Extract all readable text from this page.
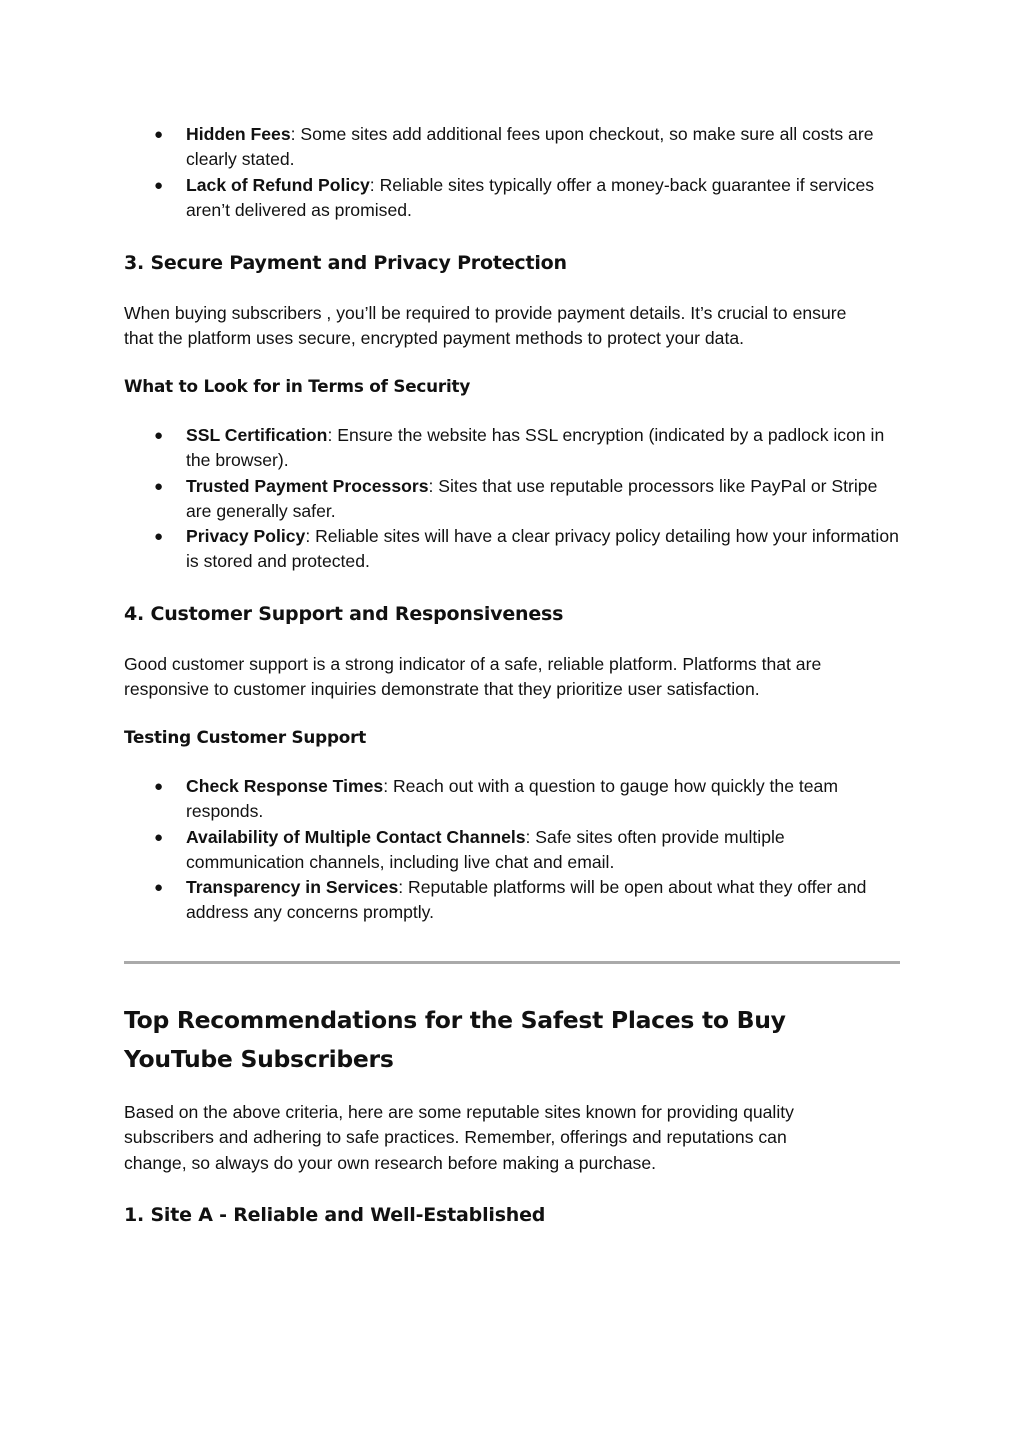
● Hidden Fees: Some sites add additional fees upon checkout, so make sure all costs are clearly stated.
● Lack of Refund Policy: Reliable sites typically offer a money-back guarantee if services aren’t delivered as promised.
3. Secure Payment and Privacy Protection

When buying subscribers , you’ll be required to provide payment details. It’s crucial to ensure that the platform uses secure, encrypted payment methods to protect your data.

What to Look for in Terms of Security
● SSL Certification: Ensure the website has SSL encryption (indicated by a padlock icon in the browser).
● Trusted Payment Processors: Sites that use reputable processors like PayPal or Stripe are generally safer.
● Privacy Policy: Reliable sites will have a clear privacy policy detailing how your information is stored and protected.
4. Customer Support and Responsiveness

Good customer support is a strong indicator of a safe, reliable platform. Platforms that are responsive to customer inquiries demonstrate that they prioritize user satisfaction.

Testing Customer Support
● Check Response Times: Reach out with a question to gauge how quickly the team responds.
● Availability of Multiple Contact Channels: Safe sites often provide multiple communication channels, including live chat and email.
● Transparency in Services: Reputable platforms will be open about what they offer and address any concerns promptly.
Top Recommendations for the Safest Places to Buy YouTube Subscribers

Based on the above criteria, here are some reputable sites known for providing quality subscribers and adhering to safe practices. Remember, offerings and reputations can change, so always do your own research before making a purchase.

1. Site A - Reliable and Well-Established
